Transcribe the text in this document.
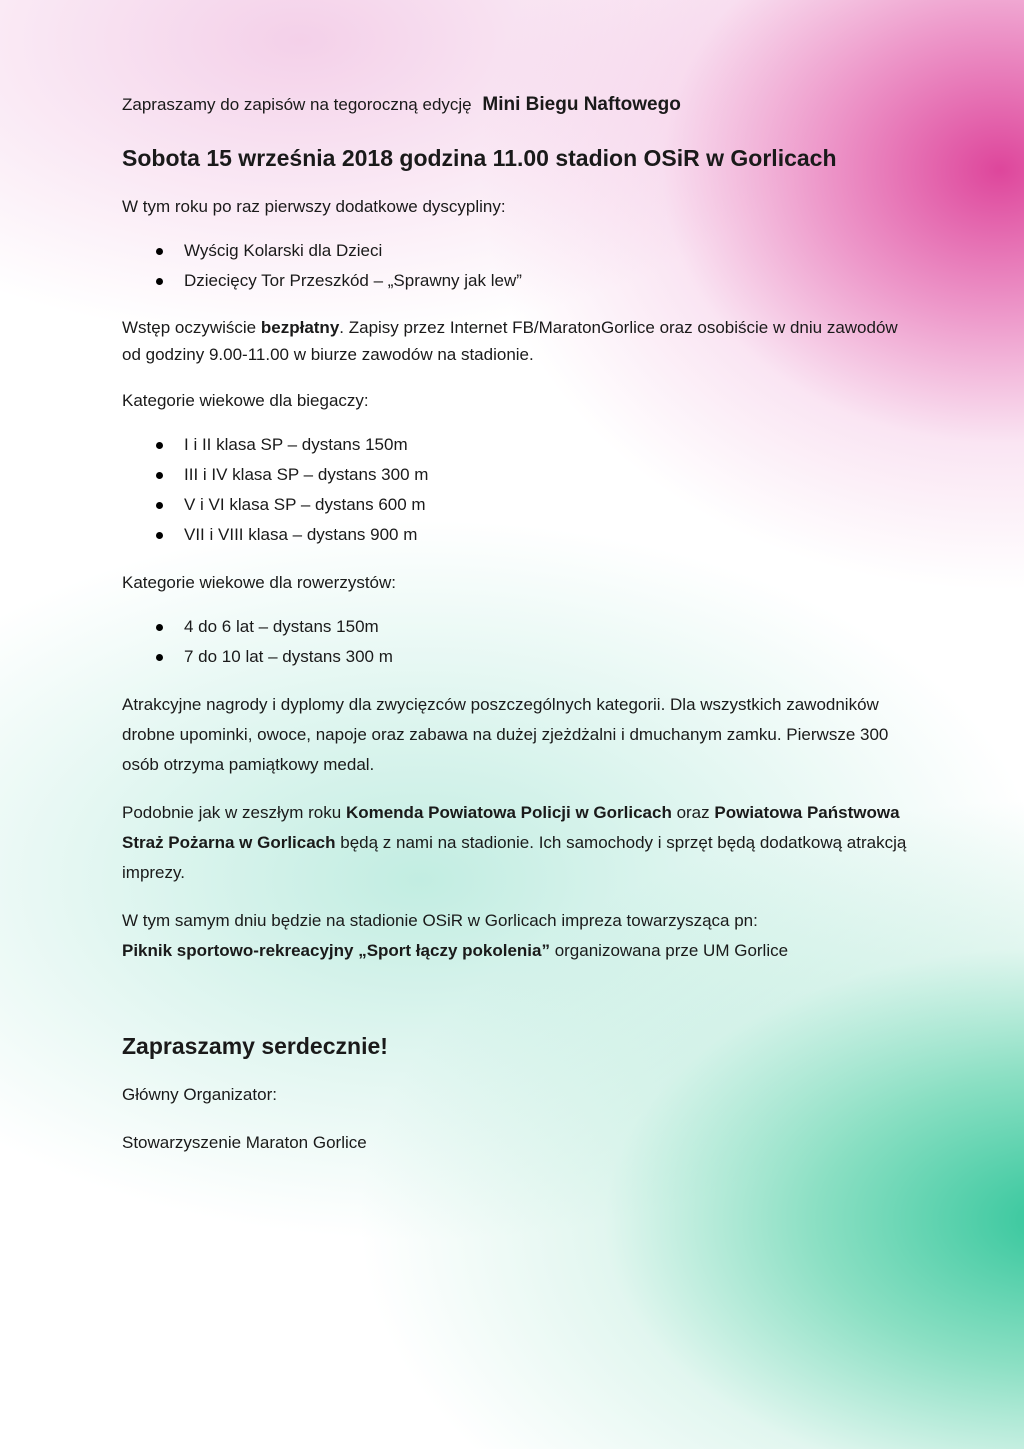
Zapraszamy do zapisów na tegoroczną edycję Mini Biegu Naftowego

Sobota 15 września 2018 godzina 11.00 stadion OSiR w Gorlicach

W tym roku po raz pierwszy dodatkowe dyscypliny:

Wyścig Kolarski dla Dzieci
Dziecięcy Tor Przeszkód – „Sprawny jak lew”

Wstęp oczywiście bezpłatny. Zapisy przez Internet FB/MaratonGorlice oraz osobiście w dniu zawodów od godziny 9.00-11.00 w biurze zawodów na stadionie.

Kategorie wiekowe dla biegaczy:

I i II klasa SP – dystans 150m
III i IV klasa SP – dystans 300 m
V i VI klasa SP – dystans 600 m
VII i VIII klasa – dystans 900 m

Kategorie wiekowe dla rowerzystów:

4 do 6 lat – dystans 150m
7 do 10 lat – dystans 300 m

Atrakcyjne nagrody i dyplomy dla zwycięzców poszczególnych kategorii. Dla wszystkich zawodników drobne upominki, owoce, napoje oraz zabawa na dużej zjeżdżalni i dmuchanym zamku. Pierwsze 300 osób otrzyma pamiątkowy medal.

Podobnie jak w zeszłym roku Komenda Powiatowa Policji w Gorlicach oraz Powiatowa Państwowa Straż Pożarna w Gorlicach będą z nami na stadionie. Ich samochody i sprzęt będą dodatkową atrakcją imprezy.

W tym samym dniu będzie na stadionie OSiR w Gorlicach impreza towarzysząca pn:
Piknik sportowo-rekreacyjny „Sport łączy pokolenia” organizowana prze UM Gorlice

Zapraszamy serdecznie!

Główny Organizator:

Stowarzyszenie Maraton Gorlice
